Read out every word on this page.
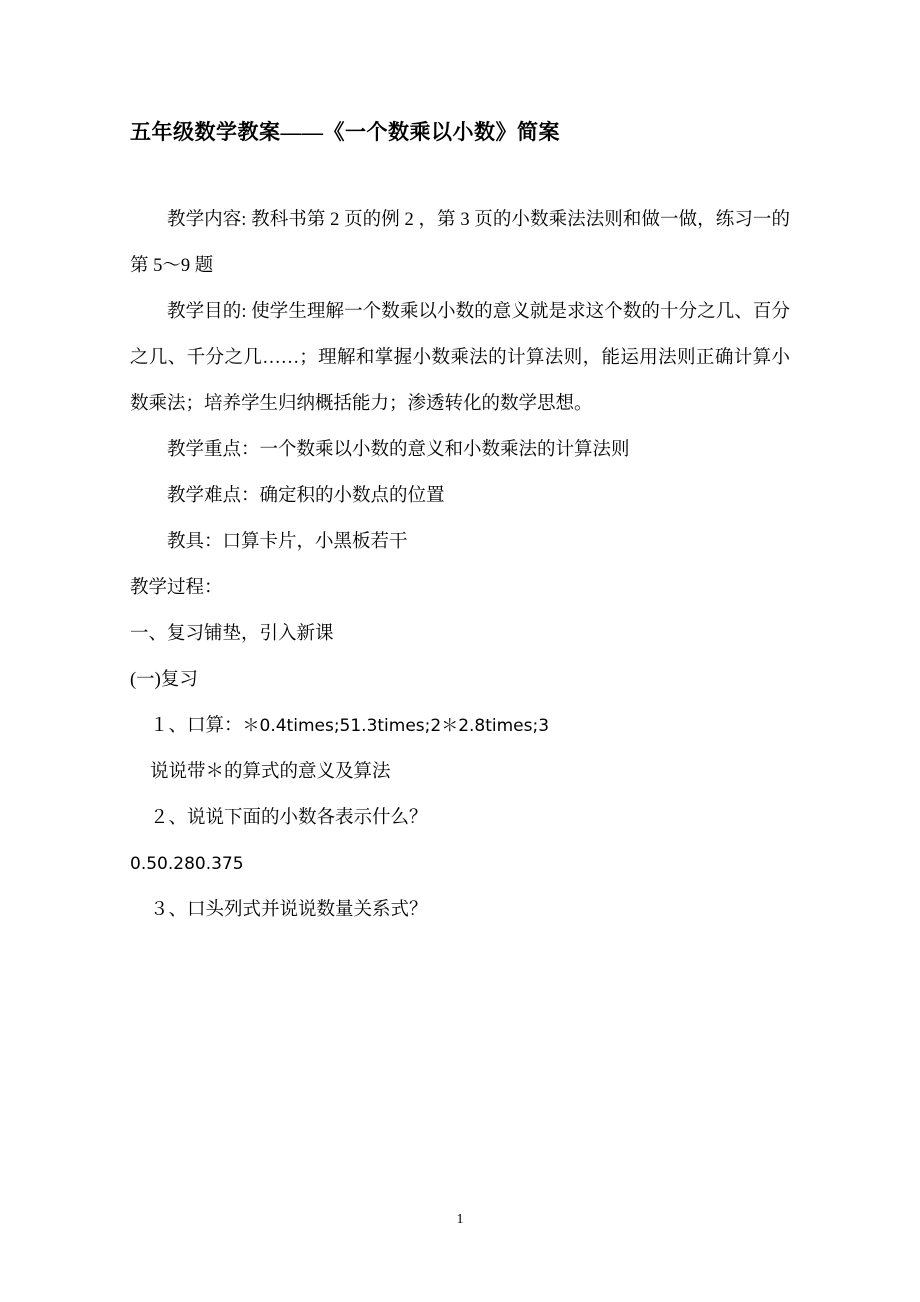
五年级数学教案——《一个数乘以小数》简案

教学内容: 教科书第 2 页的例 2 ，第 3 页的小数乘法法则和做一做，练习一的第 5～9 题

教学目的: 使学生理解一个数乘以小数的意义就是求这个数的十分之几、百分之几、千分之几……；理解和掌握小数乘法的计算法则，能运用法则正确计算小数乘法；培养学生归纳概括能力；渗透转化的数学思想。

教学重点：一个数乘以小数的意义和小数乘法的计算法则

教学难点：确定积的小数点的位置

教具：口算卡片，小黑板若干

教学过程：

一、复习铺垫，引入新课

(一)复习

１、口算：＊0.4times;51.3times;2＊2.8times;3

说说带＊的算式的意义及算法

２、说说下面的小数各表示什么？

0.50.280.375

３、口头列式并说说数量关系式？

1
